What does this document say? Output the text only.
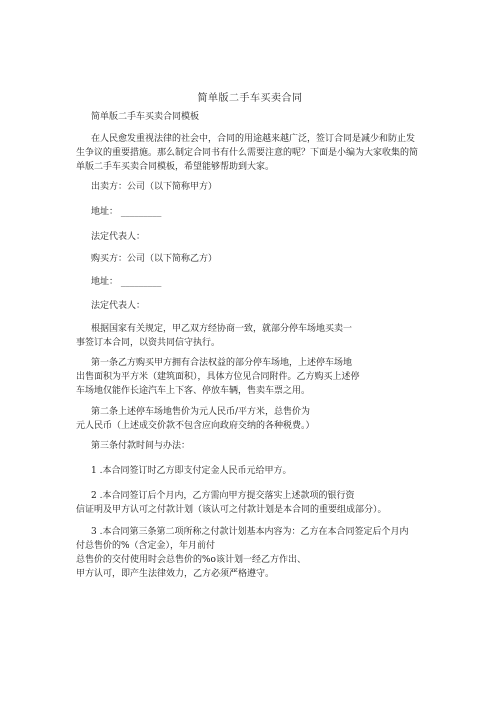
简单版二手车买卖合同

简单版二手车买卖合同模板

在人民愈发重视法律的社会中，合同的用途越来越广泛，签订合同是减少和防止发
生争议的重要措施。那么制定合同书有什么需要注意的呢？下面是小编为大家收集的简
单版二手车买卖合同模板，希望能够帮助到大家。

出卖方：公司（以下简称甲方）

地址： _________

法定代表人：

购买方：公司（以下简称乙方）

地址： _________

法定代表人：

根据国家有关规定，甲乙双方经协商一致，就部分停车场地买卖一
事签订本合同，以资共同信守执行。

第一条乙方购买甲方拥有合法权益的部分停车场地，上述停车场地
出售面积为平方米（建筑面积），具体方位见合同附件。乙方购买上述停
车场地仅能作长途汽车上下客、停放车辆，售卖车票之用。

第二条上述停车场地售价为元人民币/平方米，总售价为
元人民币（上述成交价款不包含应向政府交纳的各种税费。）

第三条付款时间与办法：

1 .本合同签订时乙方即支付定金人民币元给甲方。

2 .本合同签订后个月内，乙方需向甲方提交落实上述款项的银行资
信证明及甲方认可之付款计划（该认可之付款计划是本合同的重要组成部分）。

3 .本合同第三条第二项所称之付款计划基本内容为：乙方在本合同签定后个月内
付总售价的%（含定金），年月前付
总售价的交付使用时会总售价的%o该计划一经乙方作出、
甲方认可，即产生法律效力，乙方必须严格遵守。
